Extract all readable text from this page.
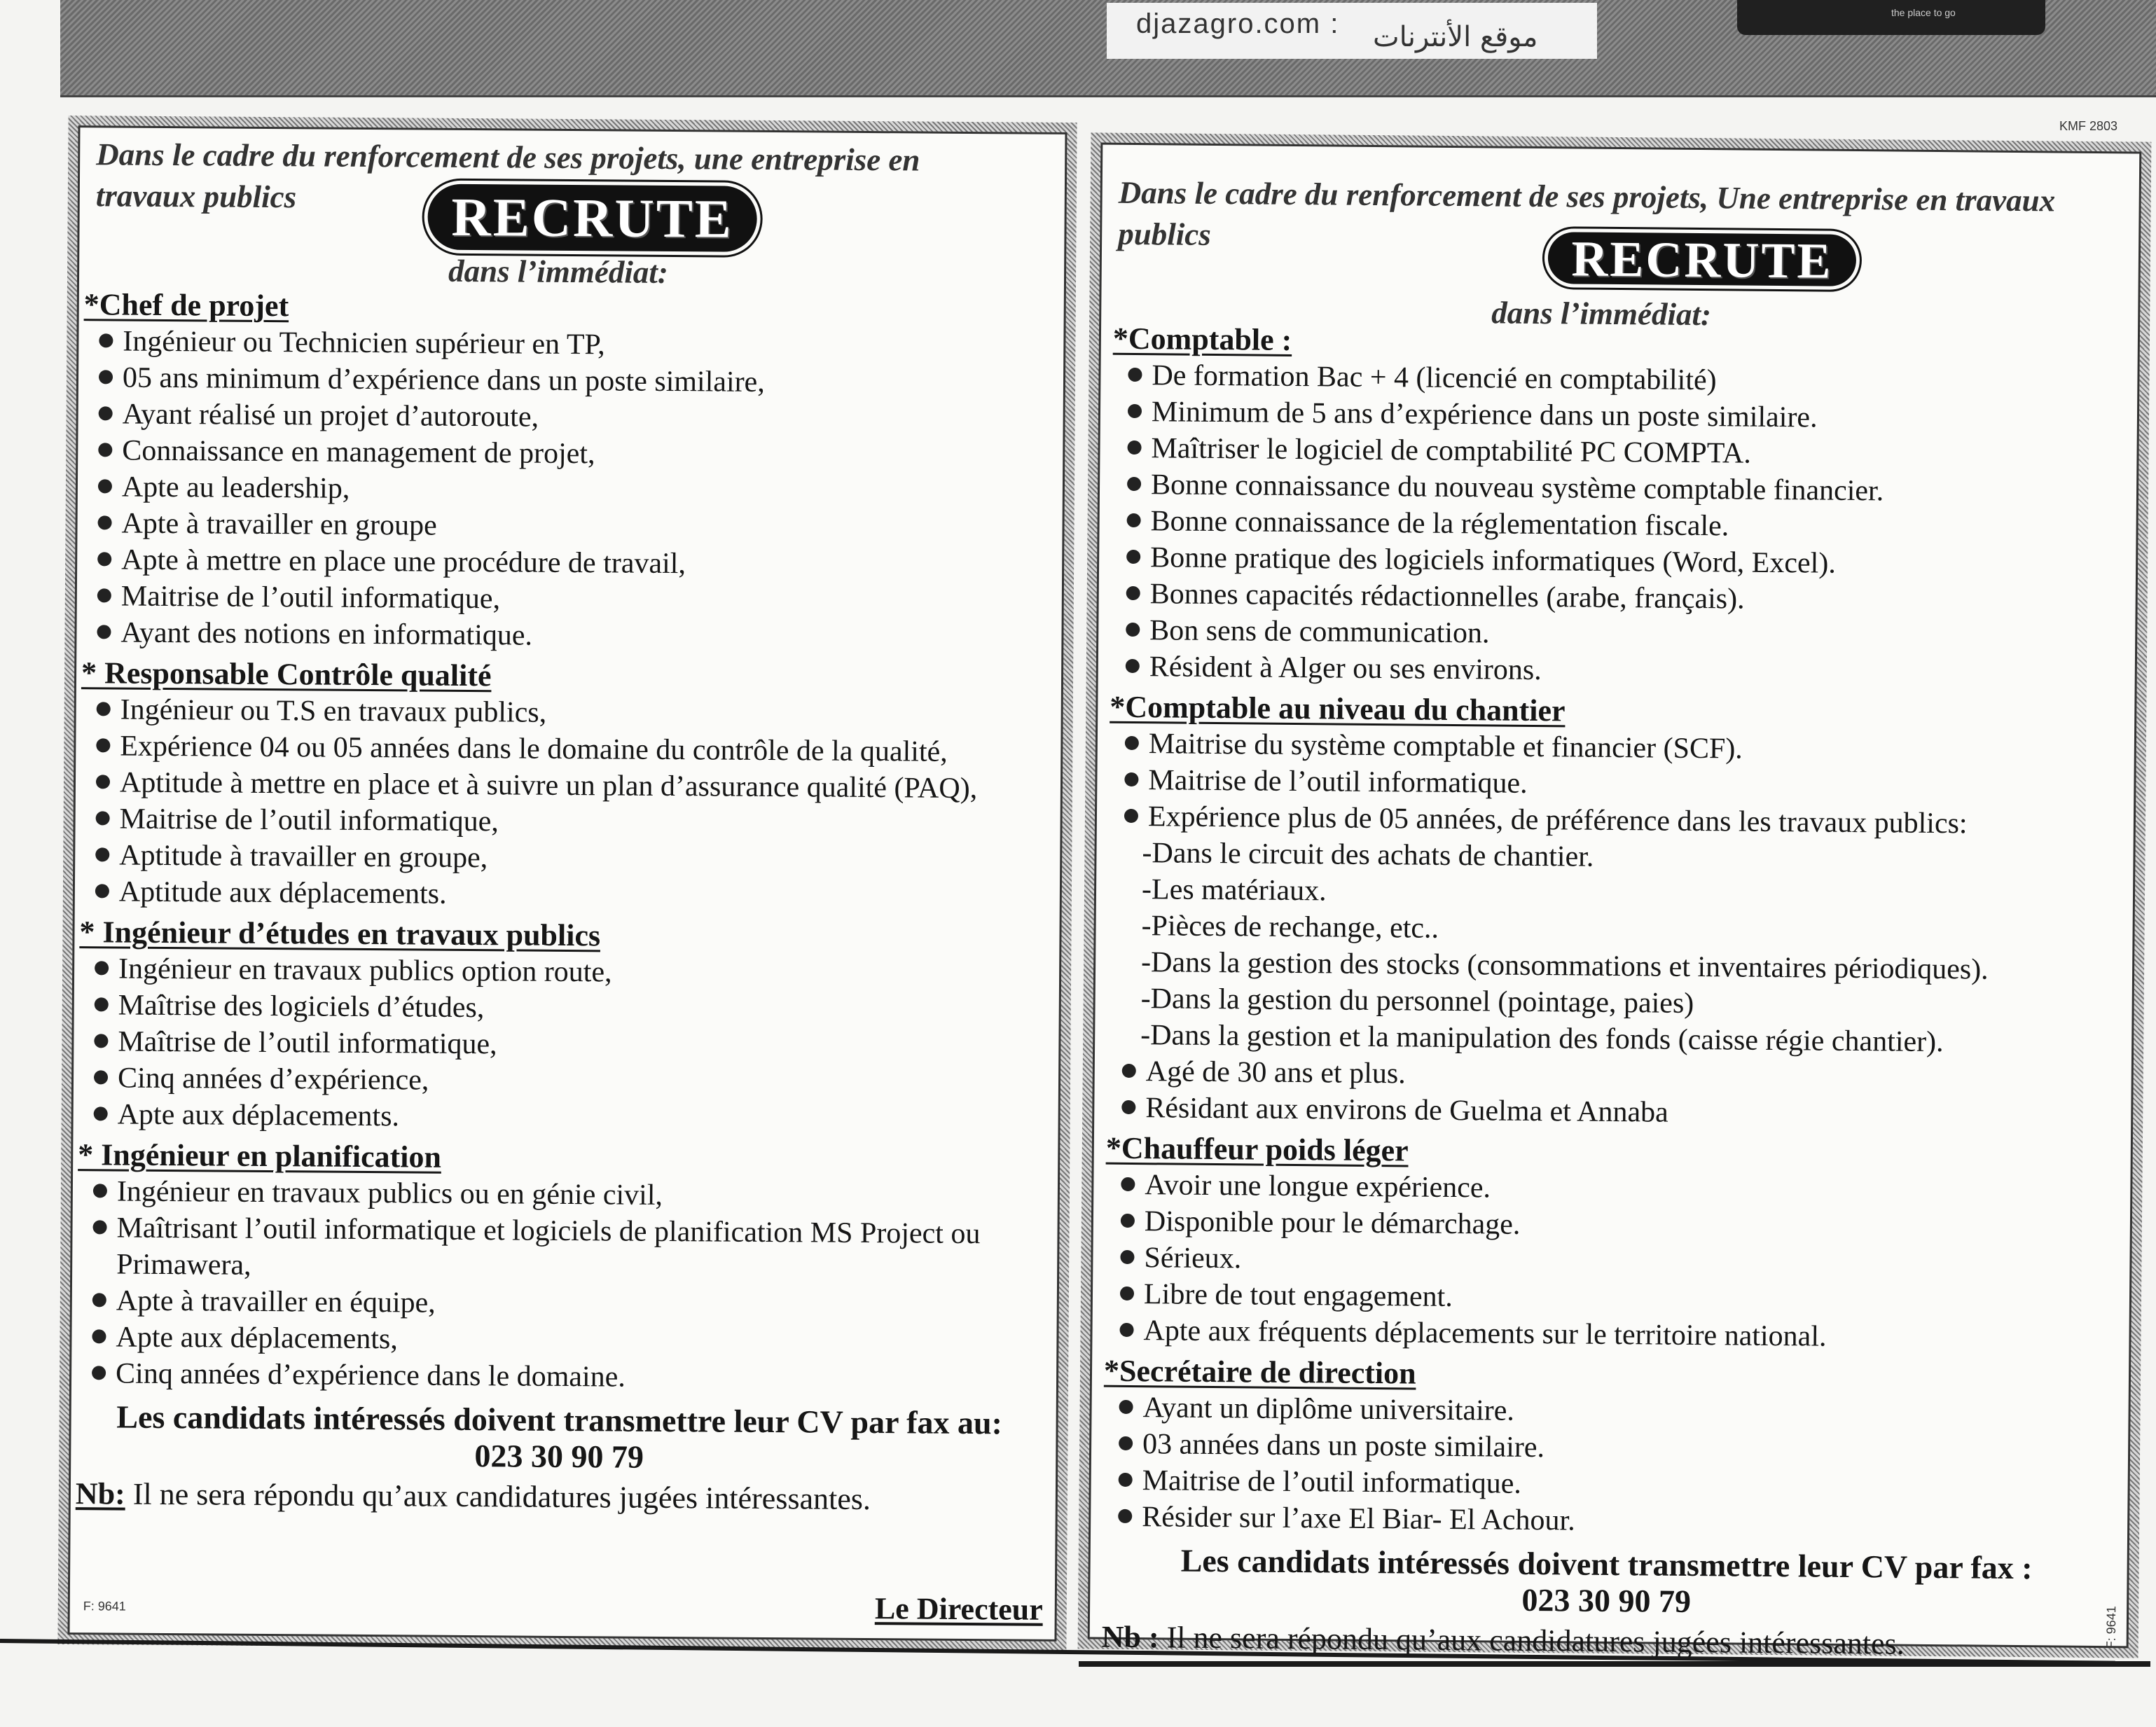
djazagro.com : موقع الأنترنات
the place to go
KMF 2803
Dans le cadre du renforcement de ses projets, une entreprise en travaux publics	RECRUTE
dans l’immédiat:
*Chef de projet
Ingénieur ou Technicien supérieur en TP,
05 ans minimum d’expérience dans un poste similaire,
Ayant réalisé un projet d’autoroute,
Connaissance en management de projet,
Apte au leadership,
Apte à travailler en groupe
Apte à mettre en place une procédure de travail,
Maitrise de l’outil informatique,
Ayant des notions en informatique.
* Responsable Contrôle qualité
Ingénieur ou T.S en travaux publics,
Expérience 04 ou 05 années dans le domaine du contrôle de la qualité,
Aptitude à mettre en place et à suivre un plan d’assurance qualité (PAQ),
Maitrise de l’outil informatique,
Aptitude à travailler en groupe,
Aptitude aux déplacements.
* Ingénieur d’études en travaux publics
Ingénieur en travaux publics option route,
Maîtrise des logiciels d’études,
Maîtrise de l’outil informatique,
Cinq années d’expérience,
Apte aux déplacements.
* Ingénieur en planification
Ingénieur en travaux publics ou en génie civil,
Maîtrisant l’outil informatique et logiciels de planification MS Project ou Primawera,
Apte à travailler en équipe,
Apte aux déplacements,
Cinq années d’expérience dans le domaine.
Les candidats intéressés doivent transmettre leur CV par fax au:
023 30 90 79
Nb: Il ne sera répondu qu’aux candidatures jugées intéressantes.
Le Directeur
F: 9641
Dans le cadre du renforcement de ses projets, Une entreprise en travaux publics	RECRUTE
dans l’immédiat:
*Comptable :
De formation Bac + 4 (licencié en comptabilité)
Minimum de 5 ans d’expérience dans un poste similaire.
Maîtriser le logiciel de comptabilité PC COMPTA.
Bonne connaissance du nouveau système comptable financier.
Bonne connaissance de la réglementation fiscale.
Bonne pratique des logiciels informatiques (Word, Excel).
Bonnes capacités rédactionnelles (arabe, français).
Bon sens de communication.
Résident à Alger ou ses environs.
*Comptable au niveau du chantier
Maitrise du système comptable et financier (SCF).
Maitrise de l’outil informatique.
Expérience plus de 05 années, de préférence dans les travaux publics:
-Dans le circuit des achats de chantier.
-Les matériaux.
-Pièces de rechange, etc..
-Dans la gestion des stocks (consommations et inventaires périodiques).
-Dans la gestion du personnel (pointage, paies)
-Dans la gestion et la manipulation des fonds (caisse régie chantier).
Agé de 30 ans et plus.
Résidant aux environs de Guelma et Annaba
*Chauffeur poids léger
Avoir une longue expérience.
Disponible pour le démarchage.
Sérieux.
Libre de tout engagement.
Apte aux fréquents déplacements sur le territoire national.
*Secrétaire de direction
Ayant un diplôme universitaire.
03 années dans un poste similaire.
Maitrise de l’outil informatique.
Résider sur l’axe El Biar- El Achour.
Les candidats intéressés doivent transmettre leur CV par fax :
023 30 90 79
Nb : Il ne sera répondu qu’aux candidatures jugées intéressantes.	F: 9641
